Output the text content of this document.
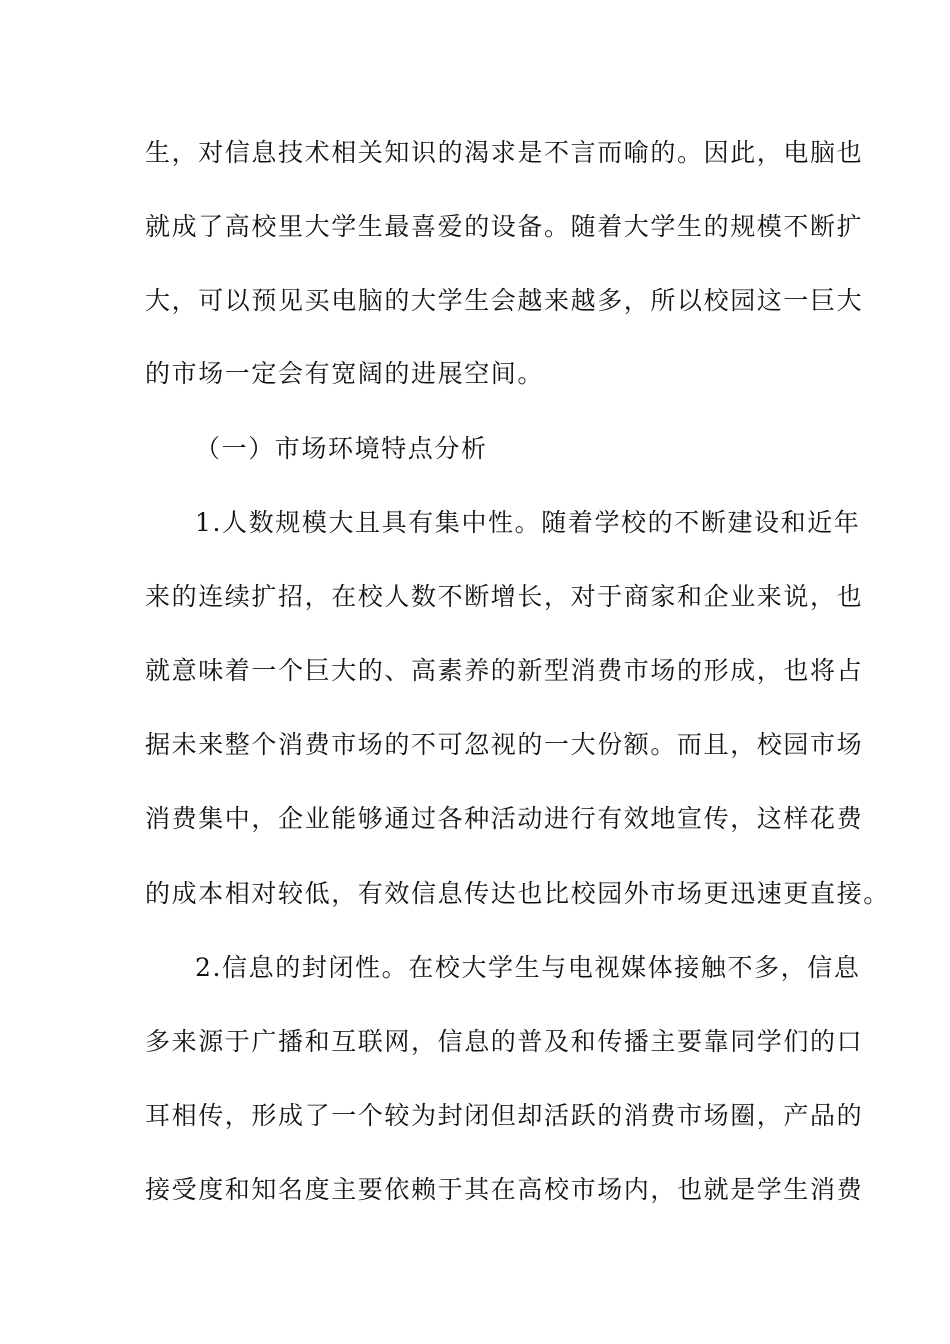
生，对信息技术相关知识的渴求是不言而喻的。因此，电脑也
就成了高校里大学生最喜爱的设备。随着大学生的规模不断扩
大，可以预见买电脑的大学生会越来越多，所以校园这一巨大
的市场一定会有宽阔的进展空间。
（一）市场环境特点分析
1.人数规模大且具有集中性。随着学校的不断建设和近年
来的连续扩招，在校人数不断增长，对于商家和企业来说，也
就意味着一个巨大的、高素养的新型消费市场的形成，也将占
据未来整个消费市场的不可忽视的一大份额。而且，校园市场
消费集中，企业能够通过各种活动进行有效地宣传，这样花费
的成本相对较低，有效信息传达也比校园外市场更迅速更直接。
2.信息的封闭性。在校大学生与电视媒体接触不多，信息
多来源于广播和互联网，信息的普及和传播主要靠同学们的口
耳相传，形成了一个较为封闭但却活跃的消费市场圈，产品的
接受度和知名度主要依赖于其在高校市场内，也就是学生消费
